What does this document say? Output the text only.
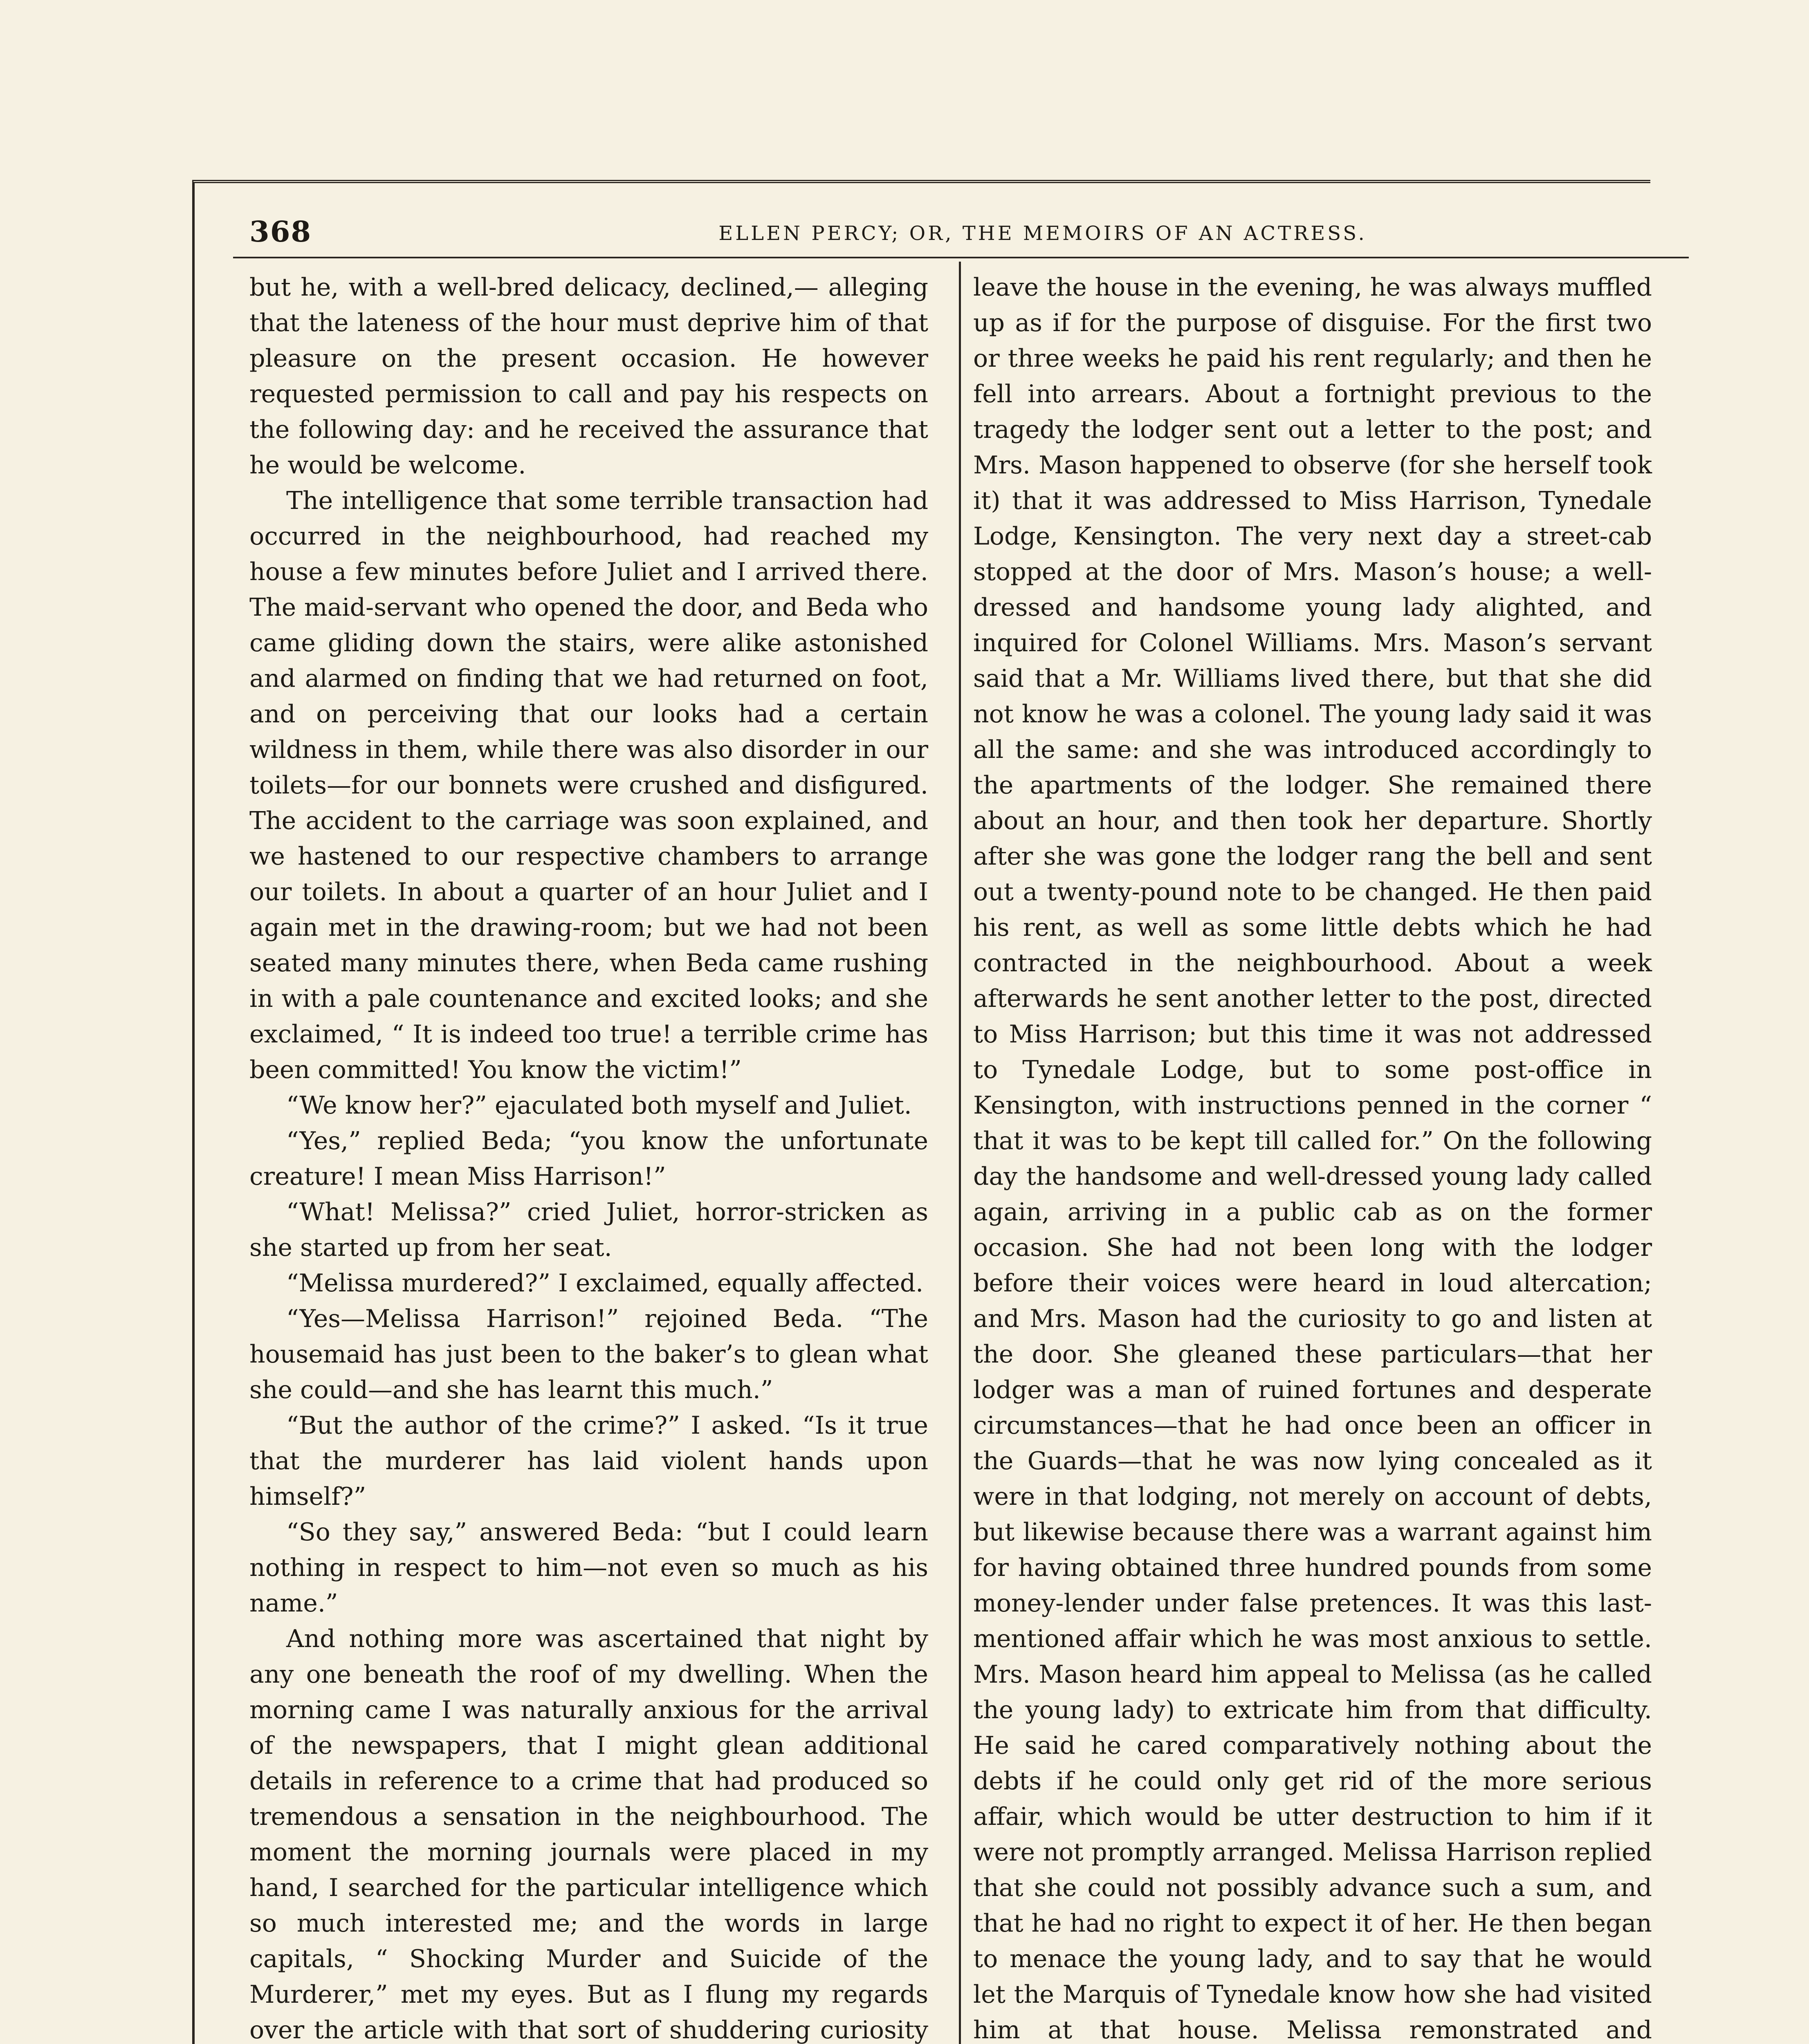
368	ELLEN PERCY; OR, THE MEMOIRS OF AN ACTRESS.

but he, with a well-bred delicacy, declined,— alleging that the lateness of the hour must deprive him of that pleasure on the present occasion. He however requested permission to call and pay his respects on the following day: and he received the assurance that he would be welcome.

The intelligence that some terrible transaction had occurred in the neighbourhood, had reached my house a few minutes before Juliet and I arrived there. The maid-servant who opened the door, and Beda who came gliding down the stairs, were alike astonished and alarmed on finding that we had returned on foot, and on perceiving that our looks had a certain wildness in them, while there was also disorder in our toilets—for our bonnets were crushed and disfigured. The accident to the carriage was soon explained, and we hastened to our respective chambers to arrange our toilets. In about a quarter of an hour Juliet and I again met in the drawing-room; but we had not been seated many minutes there, when Beda came rushing in with a pale countenance and excited looks; and she exclaimed, “ It is indeed too true! a terrible crime has been committed! You know the victim!”

“We know her?” ejaculated both myself and Juliet.

“Yes,” replied Beda; “you know the unfortunate creature! I mean Miss Harrison!”

“What! Melissa?” cried Juliet, horror-stricken as she started up from her seat.

“Melissa murdered?” I exclaimed, equally affected.

“Yes—Melissa Harrison!” rejoined Beda. “The housemaid has just been to the baker’s to glean what she could—and she has learnt this much.”

“But the author of the crime?” I asked. “Is it true that the murderer has laid violent hands upon himself?”

“So they say,” answered Beda: “but I could learn nothing in respect to him—not even so much as his name.”

And nothing more was ascertained that night by any one beneath the roof of my dwelling. When the morning came I was naturally anxious for the arrival of the newspapers, that I might glean additional details in reference to a crime that had produced so tremendous a sensation in the neighbourhood. The moment the morning journals were placed in my hand, I searched for the particular intelligence which so much interested me; and the words in large capitals, “ Shocking Murder and Suicide of the Murderer,” met my eyes. But as I flung my regards over the article with that sort of shuddering curiosity

leave the house in the evening, he was always muffled up as if for the purpose of disguise. For the first two or three weeks he paid his rent regularly; and then he fell into arrears. About a fortnight previous to the tragedy the lodger sent out a letter to the post; and Mrs. Mason happened to observe (for she herself took it) that it was addressed to Miss Harrison, Tynedale Lodge, Kensington. The very next day a street-cab stopped at the door of Mrs. Mason’s house; a well-dressed and handsome young lady alighted, and inquired for Colonel Williams. Mrs. Mason’s servant said that a Mr. Williams lived there, but that she did not know he was a colonel. The young lady said it was all the same: and she was introduced accordingly to the apartments of the lodger. She remained there about an hour, and then took her departure. Shortly after she was gone the lodger rang the bell and sent out a twenty-pound note to be changed. He then paid his rent, as well as some little debts which he had contracted in the neighbourhood. About a week afterwards he sent another letter to the post, directed to Miss Harrison; but this time it was not addressed to Tynedale Lodge, but to some post-office in Kensington, with instructions penned in the corner “ that it was to be kept till called for.” On the following day the handsome and well-dressed young lady called again, arriving in a public cab as on the former occasion. She had not been long with the lodger before their voices were heard in loud altercation; and Mrs. Mason had the curiosity to go and listen at the door. She gleaned these particulars—that her lodger was a man of ruined fortunes and desperate circumstances—that he had once been an officer in the Guards—that he was now lying concealed as it were in that lodging, not merely on account of debts, but likewise because there was a warrant against him for having obtained three hundred pounds from some money-lender under false pretences. It was this last-mentioned affair which he was most anxious to settle. Mrs. Mason heard him appeal to Melissa (as he called the young lady) to extricate him from that difficulty. He said he cared comparatively nothing about the debts if he could only get rid of the more serious affair, which would be utter destruction to him if it were not promptly arranged. Melissa Harrison replied that she could not possibly advance such a sum, and that he had no right to expect it of her. He then began to menace the young lady, and to say that he would let the Marquis of Tynedale know how she had visited him at that house. Melissa remonstrated and
